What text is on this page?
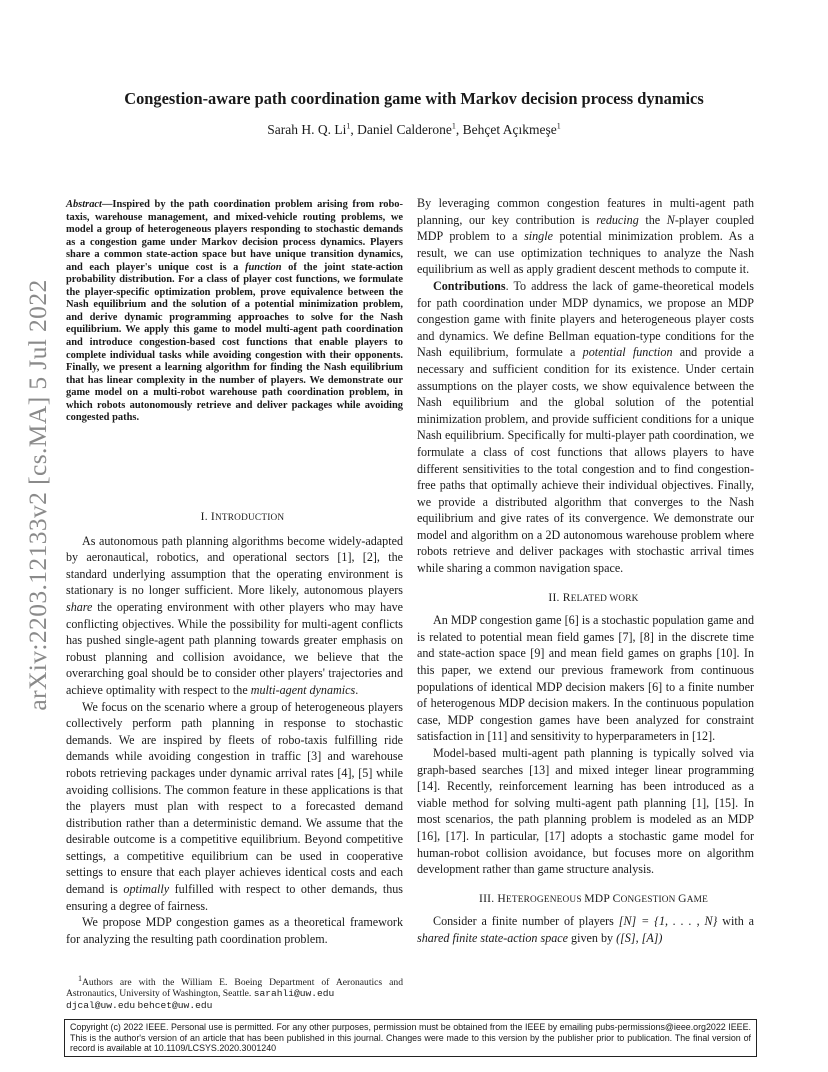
Congestion-aware path coordination game with Markov decision process dynamics
Sarah H. Q. Li$^1$, Daniel Calderone$^1$, Behçet Açıkmeşe$^1$
arXiv:2203.12133v2 [cs.MA] 5 Jul 2022
Abstract—Inspired by the path coordination problem arising from robo-taxis, warehouse management, and mixed-vehicle routing problems, we model a group of heterogeneous players responding to stochastic demands as a congestion game under Markov decision process dynamics. Players share a common state-action space but have unique transition dynamics, and each player's unique cost is a function of the joint state-action probability distribution. For a class of player cost functions, we formulate the player-specific optimization problem, prove equivalence between the Nash equilibrium and the solution of a potential minimization problem, and derive dynamic programming approaches to solve for the Nash equilibrium. We apply this game to model multi-agent path coordination and introduce congestion-based cost functions that enable players to complete individual tasks while avoiding congestion with their opponents. Finally, we present a learning algorithm for finding the Nash equilibrium that has linear complexity in the number of players. We demonstrate our game model on a multi-robot warehouse path coordination problem, in which robots autonomously retrieve and deliver packages while avoiding congested paths.

I. INTRODUCTION

As autonomous path planning algorithms become widely-adapted by aeronautical, robotics, and operational sectors [1], [2], the standard underlying assumption that the operating environment is stationary is no longer sufficient. More likely, autonomous players share the operating environment with other players who may have conflicting objectives. While the possibility for multi-agent conflicts has pushed single-agent path planning towards greater emphasis on robust planning and collision avoidance, we believe that the overarching goal should be to consider other players' trajectories and achieve optimality with respect to the multi-agent dynamics.

We focus on the scenario where a group of heterogeneous players collectively perform path planning in response to stochastic demands. We are inspired by fleets of robo-taxis fulfilling ride demands while avoiding congestion in traffic [3] and warehouse robots retrieving packages under dynamic arrival rates [4], [5] while avoiding collisions. The common feature in these applications is that the players must plan with respect to a forecasted demand distribution rather than a deterministic demand. We assume that the desirable outcome is a competitive equilibrium. Beyond competitive settings, a competitive equilibrium can be used in cooperative settings to ensure that each player achieves identical costs and each demand is optimally fulfilled with respect to other demands, thus ensuring a degree of fairness.

We propose MDP congestion games as a theoretical framework for analyzing the resulting path coordination problem.

$^1$Authors are with the William E. Boeing Department of Aeronautics and Astronautics, University of Washington, Seattle. sarahli@uw.edu
djcal@uw.edu behcet@uw.edu

By leveraging common congestion features in multi-agent path planning, our key contribution is reducing the N-player coupled MDP problem to a single potential minimization problem. As a result, we can use optimization techniques to analyze the Nash equilibrium as well as apply gradient descent methods to compute it.

Contributions. To address the lack of game-theoretical models for path coordination under MDP dynamics, we propose an MDP congestion game with finite players and heterogeneous player costs and dynamics. We define Bellman equation-type conditions for the Nash equilibrium, formulate a potential function and provide a necessary and sufficient condition for its existence. Under certain assumptions on the player costs, we show equivalence between the Nash equilibrium and the global solution of the potential minimization problem, and provide sufficient conditions for a unique Nash equilibrium. Specifically for multi-player path coordination, we formulate a class of cost functions that allows players to have different sensitivities to the total congestion and to find congestion-free paths that optimally achieve their individual objectives. Finally, we provide a distributed algorithm that converges to the Nash equilibrium and give rates of its convergence. We demonstrate our model and algorithm on a 2D autonomous warehouse problem where robots retrieve and deliver packages with stochastic arrival times while sharing a common navigation space.

II. RELATED WORK

An MDP congestion game [6] is a stochastic population game and is related to potential mean field games [7], [8] in the discrete time and state-action space [9] and mean field games on graphs [10]. In this paper, we extend our previous framework from continuous populations of identical MDP decision makers [6] to a finite number of heterogenous MDP decision makers. In the continuous population case, MDP congestion games have been analyzed for constraint satisfaction in [11] and sensitivity to hyperparameters in [12].

Model-based multi-agent path planning is typically solved via graph-based searches [13] and mixed integer linear programming [14]. Recently, reinforcement learning has been introduced as a viable method for solving multi-agent path planning [1], [15]. In most scenarios, the path planning problem is modeled as an MDP [16], [17]. In particular, [17] adopts a stochastic game model for human-robot collision avoidance, but focuses more on algorithm development rather than game structure analysis.

III. HETEROGENEOUS MDP CONGESTION GAME

Consider a finite number of players [N] = {1, . . . , N} with a shared finite state-action space given by ([S], [A])

Copyright (c) 2022 IEEE. Personal use is permitted. For any other purposes, permission must be obtained from the IEEE by emailing pubs-permissions@ieee.org2022 IEEE. This is the author's version of an article that has been published in this journal. Changes were made to this version by the publisher prior to publication. The final version of record is available at 10.1109/LCSYS.2020.3001240
